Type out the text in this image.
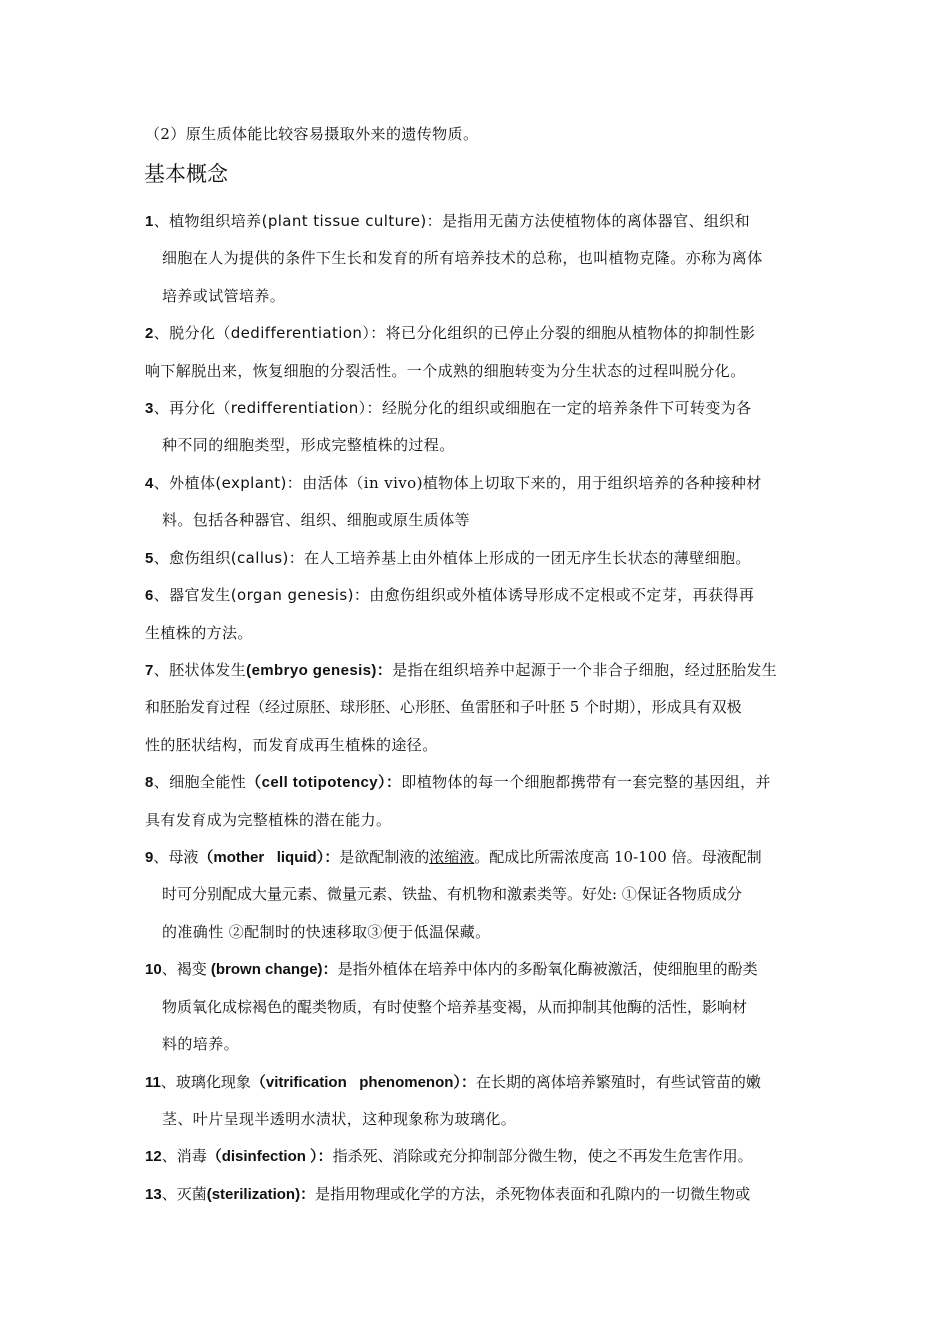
（2）原生质体能比较容易摄取外来的遗传物质。
基本概念
1、植物组织培养(plant tissue culture)：是指用无菌方法使植物体的离体器官、组织和
细胞在人为提供的条件下生长和发育的所有培养技术的总称，也叫植物克隆。亦称为离体
培养或试管培养。
2、脱分化（dedifferentiation）：将已分化组织的已停止分裂的细胞从植物体的抑制性影
响下解脱出来，恢复细胞的分裂活性。一个成熟的细胞转变为分生状态的过程叫脱分化。
3、再分化（redifferentiation）：经脱分化的组织或细胞在一定的培养条件下可转变为各
种不同的细胞类型，形成完整植株的过程。
4、外植体(explant)：由活体（in vivo)植物体上切取下来的，用于组织培养的各种接种材
料。包括各种器官、组织、细胞或原生质体等
5、愈伤组织(callus)：在人工培养基上由外植体上形成的一团无序生长状态的薄壁细胞。
6、器官发生(organ genesis)：由愈伤组织或外植体诱导形成不定根或不定芽，再获得再
生植株的方法。
7、胚状体发生(embryo genesis)：是指在组织培养中起源于一个非合子细胞，经过胚胎发生
和胚胎发育过程（经过原胚、球形胚、心形胚、鱼雷胚和子叶胚 5 个时期），形成具有双极
性的胚状结构，而发育成再生植株的途径。
8、细胞全能性（cell totipotency）：即植物体的每一个细胞都携带有一套完整的基因组，并
具有发育成为完整植株的潜在能力。
9、母液（mother   liquid）：是欲配制液的浓缩液。配成比所需浓度高 10-100 倍。母液配制
时可分别配成大量元素、微量元素、铁盐、有机物和激素类等。好处: ①保证各物质成分
的准确性 ②配制时的快速移取③便于低温保藏。
10、褐变 (brown change)：是指外植体在培养中体内的多酚氧化酶被激活，使细胞里的酚类
物质氧化成棕褐色的醌类物质，有时使整个培养基变褐，从而抑制其他酶的活性，影响材
料的培养。
11、玻璃化现象（vitrification   phenomenon）：在长期的离体培养繁殖时，有些试管苗的嫩
茎、叶片呈现半透明水渍状，这种现象称为玻璃化。
12、消毒（disinfection ）：指杀死、消除或充分抑制部分微生物，使之不再发生危害作用。
13、灭菌(sterilization)：是指用物理或化学的方法，杀死物体表面和孔隙内的一切微生物或
